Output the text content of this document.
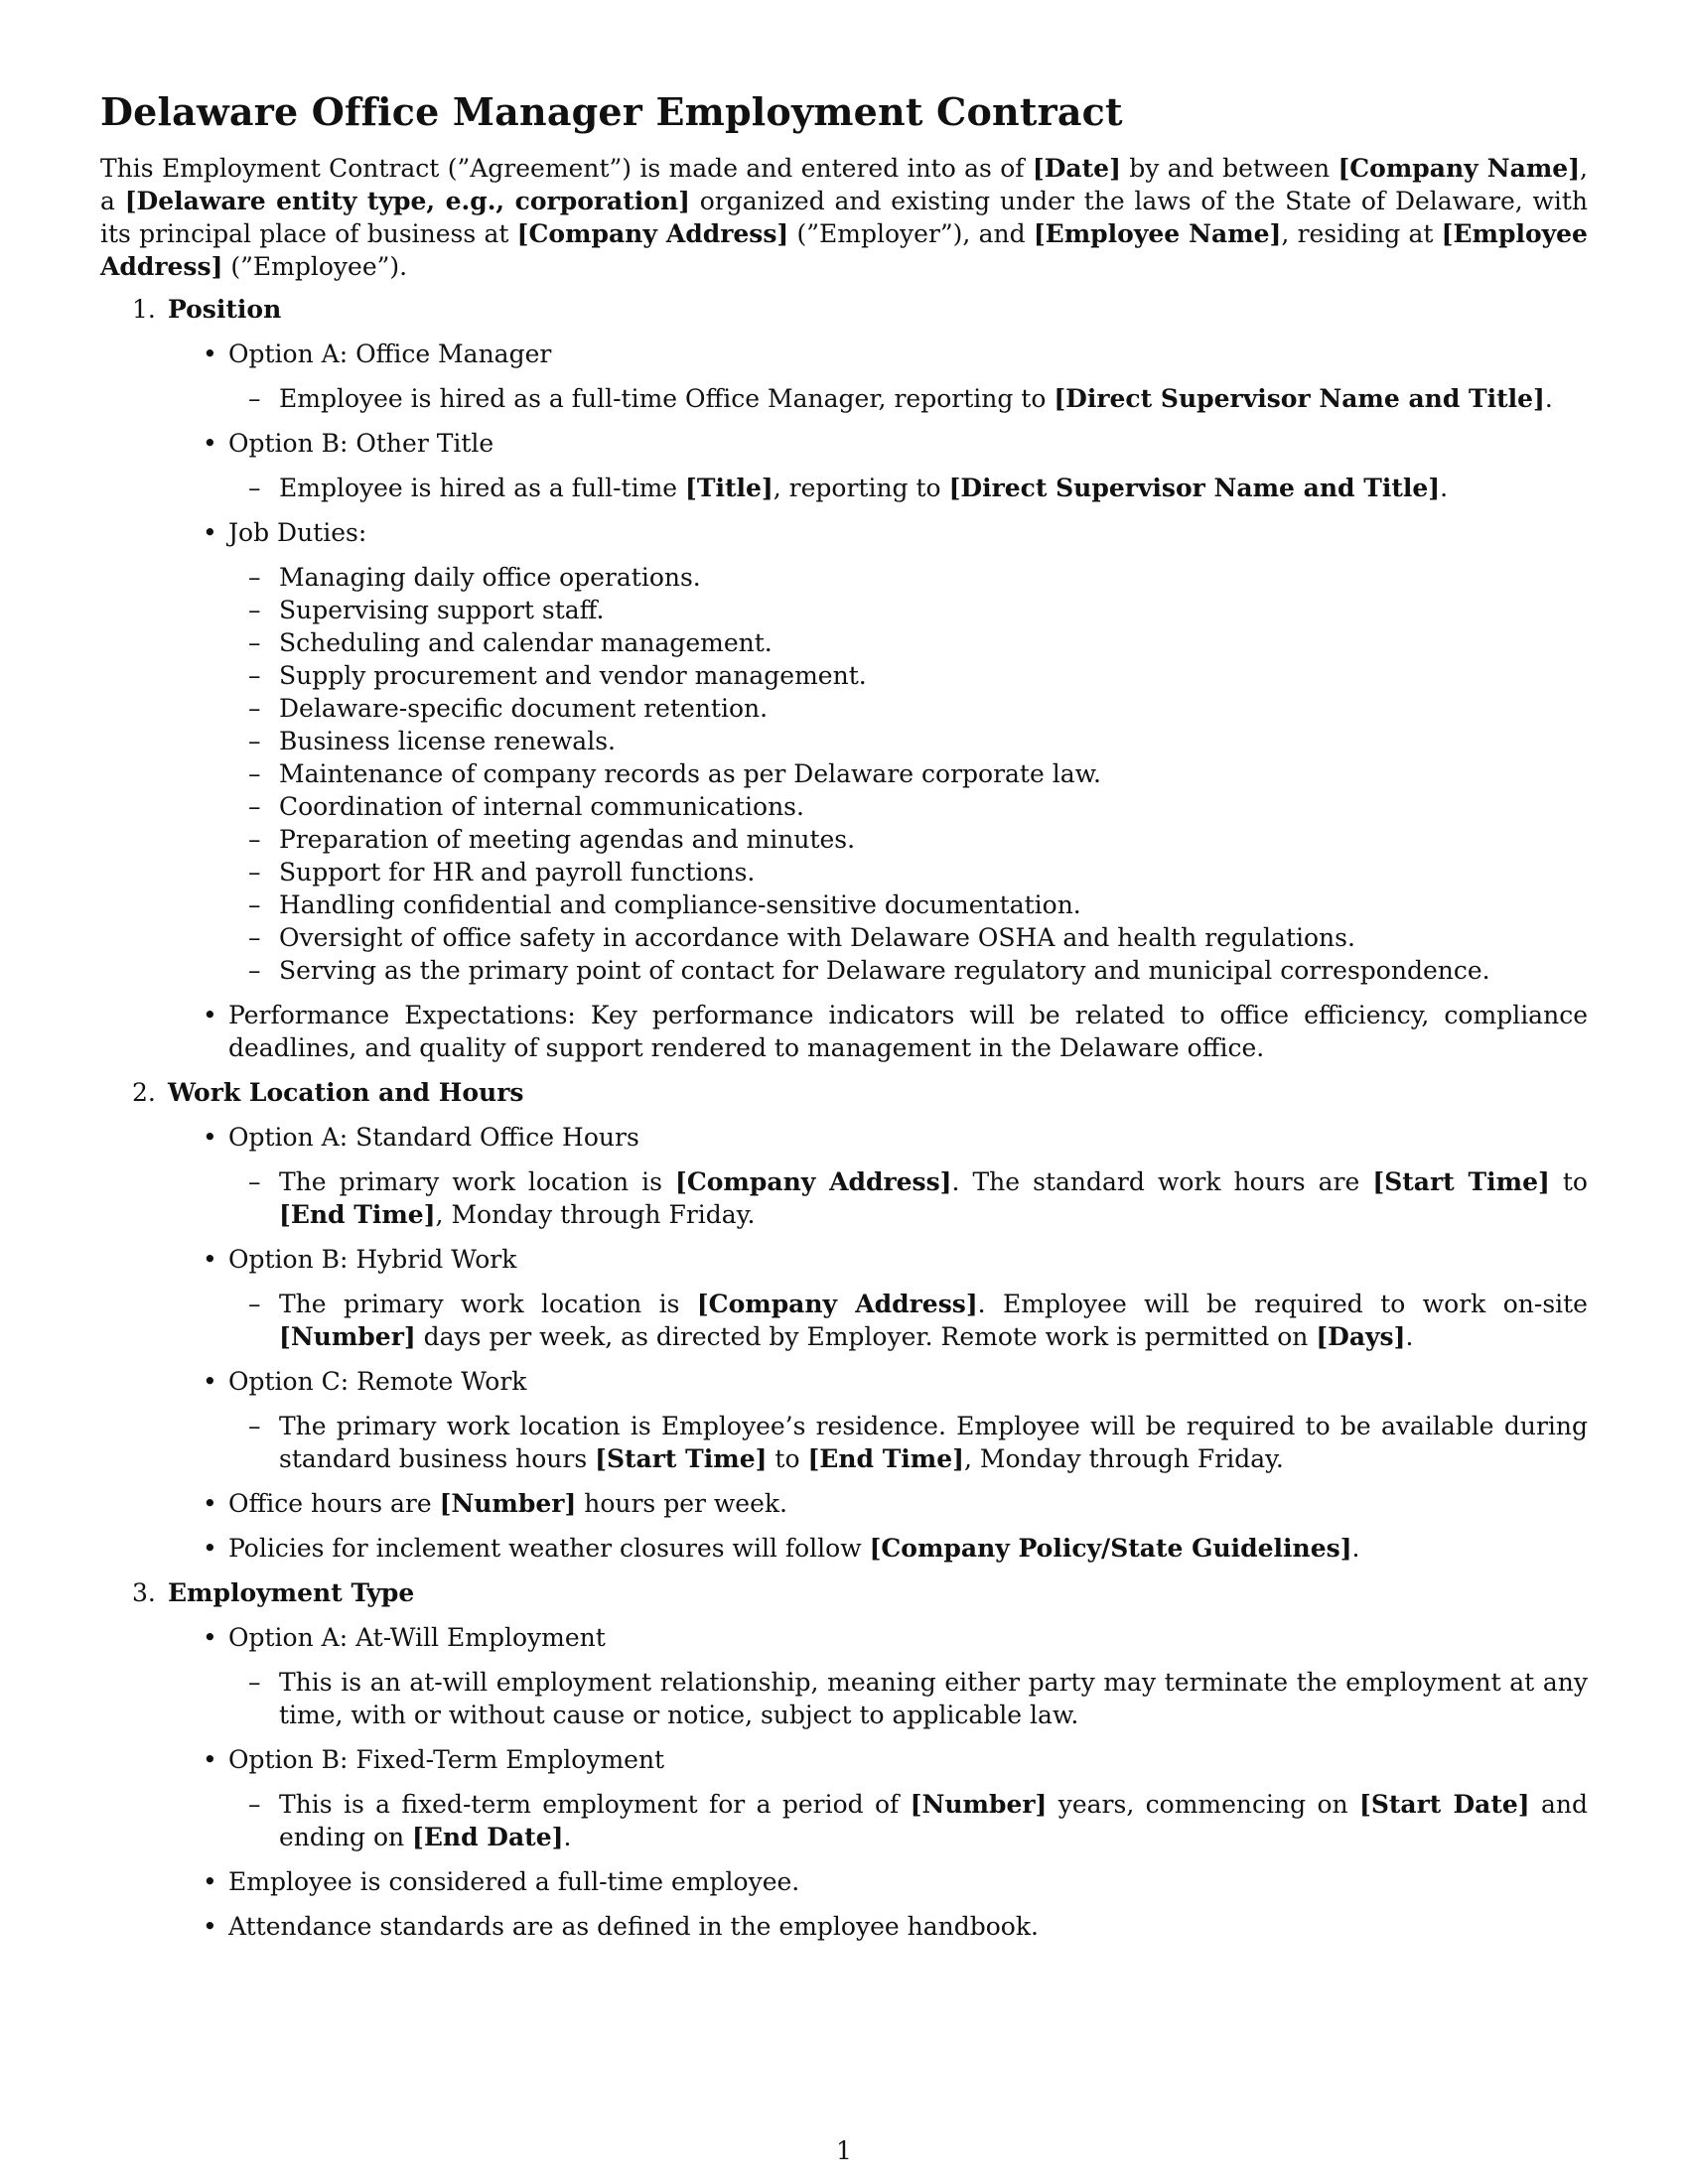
Delaware Office Manager Employment Contract

This Employment Contract (”Agreement”) is made and entered into as of [Date] by and between [Company Name], a [Delaware entity type, e.g., corporation] organized and existing under the laws of the State of Delaware, with its principal place of business at [Company Address] (”Employer”), and [Employee Name], residing at [Employee Address] (”Employee”).

1. Position
• Option A: Office Manager
– Employee is hired as a full-time Office Manager, reporting to [Direct Supervisor Name and Title].
• Option B: Other Title
– Employee is hired as a full-time [Title], reporting to [Direct Supervisor Name and Title].
• Job Duties:
– Managing daily office operations.
– Supervising support staff.
– Scheduling and calendar management.
– Supply procurement and vendor management.
– Delaware-specific document retention.
– Business license renewals.
– Maintenance of company records as per Delaware corporate law.
– Coordination of internal communications.
– Preparation of meeting agendas and minutes.
– Support for HR and payroll functions.
– Handling confidential and compliance-sensitive documentation.
– Oversight of office safety in accordance with Delaware OSHA and health regulations.
– Serving as the primary point of contact for Delaware regulatory and municipal correspondence.
• Performance Expectations: Key performance indicators will be related to office efficiency, compliance deadlines, and quality of support rendered to management in the Delaware office.
2. Work Location and Hours
• Option A: Standard Office Hours
– The primary work location is [Company Address]. The standard work hours are [Start Time] to [End Time], Monday through Friday.
• Option B: Hybrid Work
– The primary work location is [Company Address]. Employee will be required to work on-site [Number] days per week, as directed by Employer. Remote work is permitted on [Days].
• Option C: Remote Work
– The primary work location is Employee’s residence. Employee will be required to be available during standard business hours [Start Time] to [End Time], Monday through Friday.
• Office hours are [Number] hours per week.
• Policies for inclement weather closures will follow [Company Policy/State Guidelines].
3. Employment Type
• Option A: At-Will Employment
– This is an at-will employment relationship, meaning either party may terminate the employment at any time, with or without cause or notice, subject to applicable law.
• Option B: Fixed-Term Employment
– This is a fixed-term employment for a period of [Number] years, commencing on [Start Date] and ending on [End Date].
• Employee is considered a full-time employee.
• Attendance standards are as defined in the employee handbook.
1
